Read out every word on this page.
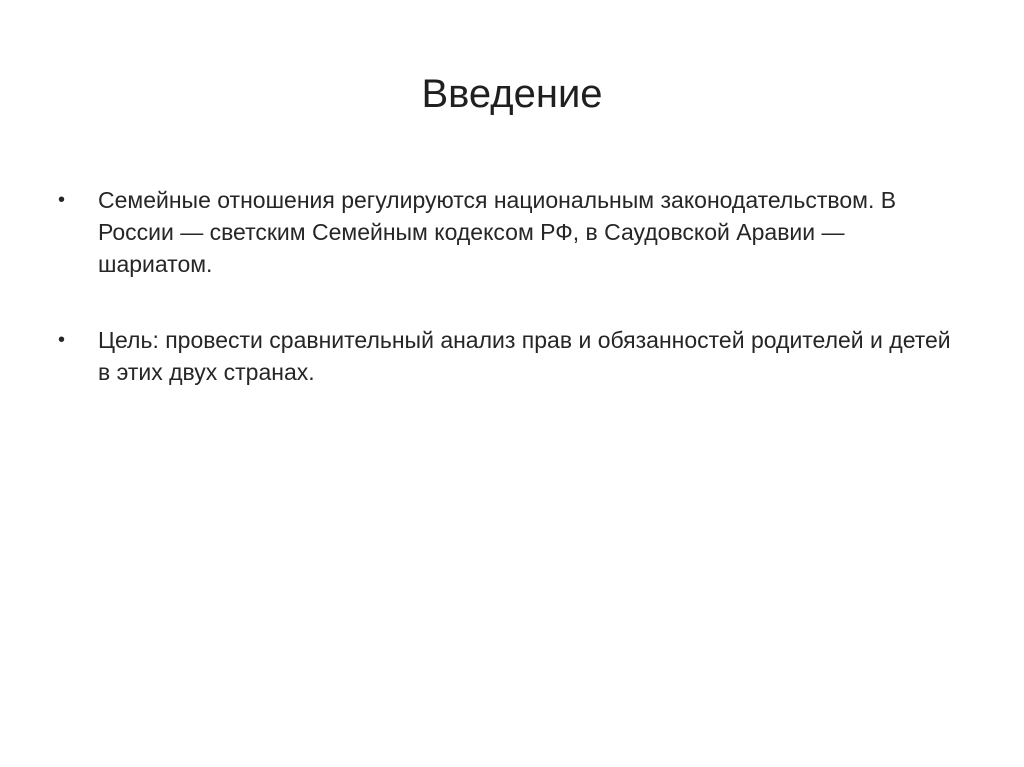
Введение
•	Семейные отношения регулируются национальным законодательством. В России — светским Семейным кодексом РФ, в Саудовской Аравии — шариатом.
•	Цель: провести сравнительный анализ прав и обязанностей родителей и детей в этих двух странах.
